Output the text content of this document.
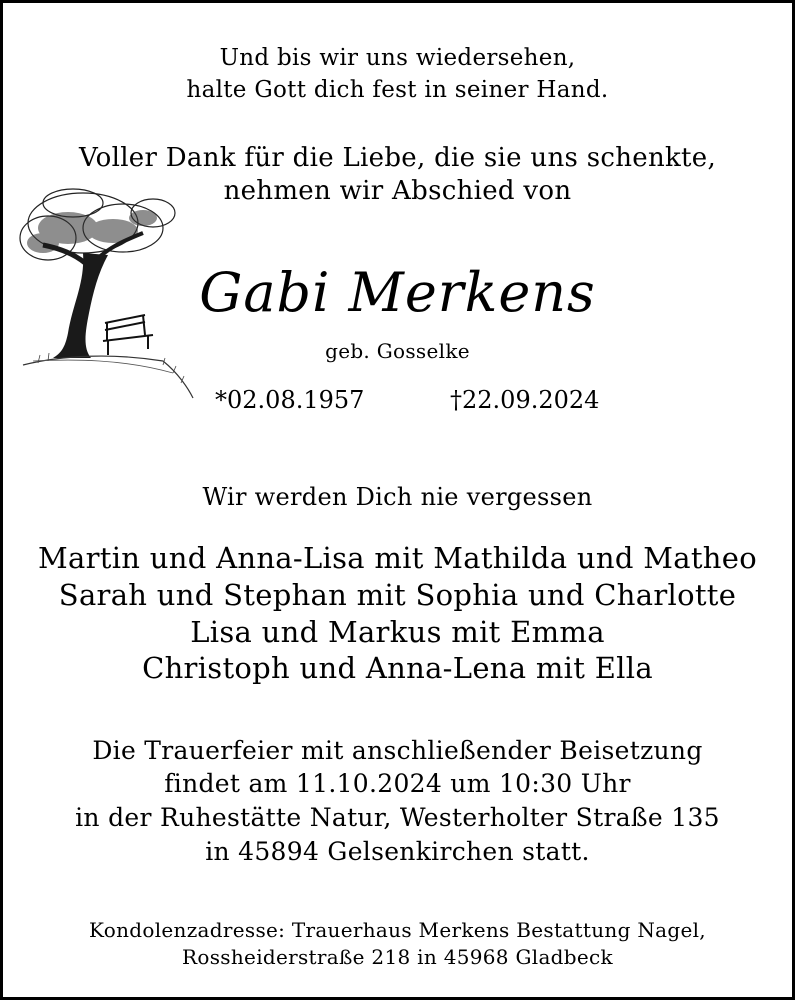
Und bis wir uns wiedersehen,
halte Gott dich fest in seiner Hand.
Voller Dank für die Liebe, die sie uns schenkte,
nehmen wir Abschied von
Gabi Merkens
geb. Gosselke
*02.08.1957	†22.09.2024
Wir werden Dich nie vergessen
Martin und Anna-Lisa mit Mathilda und Matheo
Sarah und Stephan mit Sophia und Charlotte
Lisa und Markus mit Emma
Christoph und Anna-Lena mit Ella
Die Trauerfeier mit anschließender Beisetzung
findet am 11.10.2024 um 10:30 Uhr
in der Ruhestätte Natur, Westerholter Straße 135
in 45894 Gelsenkirchen statt.
Kondolenzadresse: Trauerhaus Merkens Bestattung Nagel,
Rossheiderstraße 218 in 45968 Gladbeck
